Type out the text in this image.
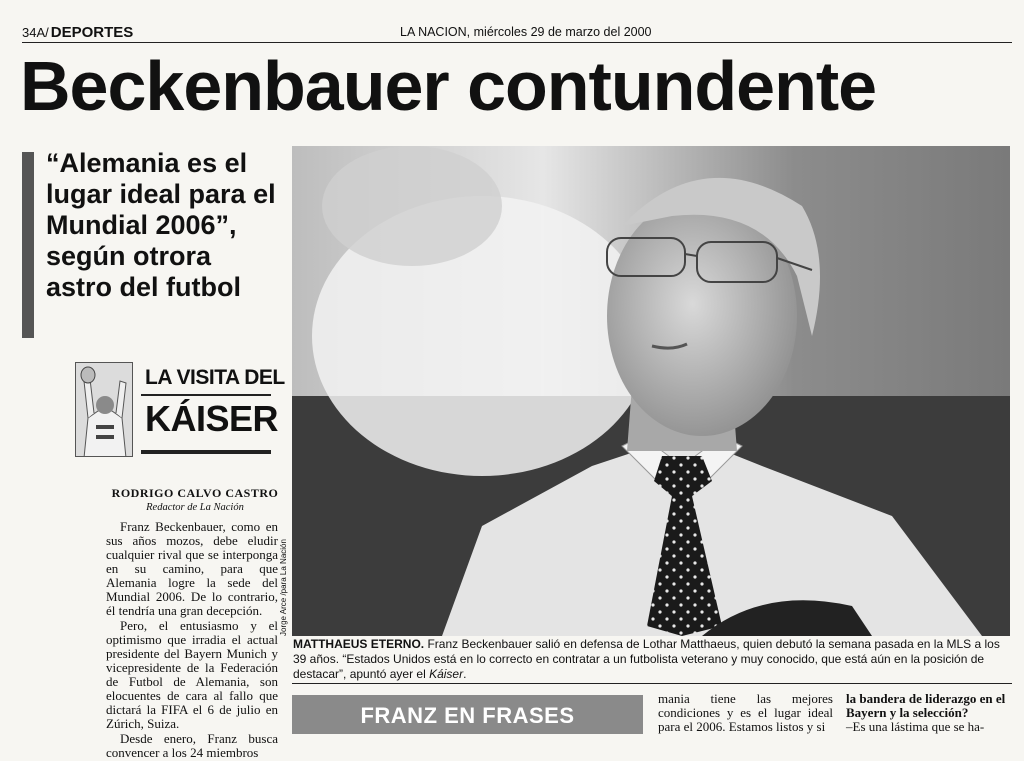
34A/ DEPORTES	LA NACION, miércoles 29 de marzo del 2000
Beckenbauer contundente
“Alemania es el lugar ideal para el Mundial 2006”, según otrora astro del futbol
LA VISITA DEL
KÁISER
RODRIGO CALVO CASTRO
Redactor de La Nación

Franz Beckenbauer, como en sus años mozos, debe eludir cualquier rival que se interponga en su camino, para que Alemania logre la sede del Mundial 2006. De lo contrario, él tendría una gran decepción.

Pero, el entusiasmo y el optimismo que irradia el actual presidente del Bayern Munich y vicepresidente de la Federación de Futbol de Alemania, son elocuentes de cara al fallo que dictará la FIFA el 6 de julio en Zúrich, Suiza.

Desde enero, Franz busca convencer a los 24 miembros

Jorge Arce /para La Nación
MATTHAEUS ETERNO. Franz Beckenbauer salió en defensa de Lothar Matthaeus, quien debutó la semana pasada en la MLS a los 39 años. “Estados Unidos está en lo correcto en contratar a un futbolista veterano y muy conocido, que está aún en la posición de destacar”, apuntó ayer el Káiser.
FRANZ EN FRASES
mania tiene las mejores condiciones y es el lugar ideal para el 2006. Estamos listos y si
la bandera de liderazgo en el Bayern y la selección?
–Es una lástima que se ha-
